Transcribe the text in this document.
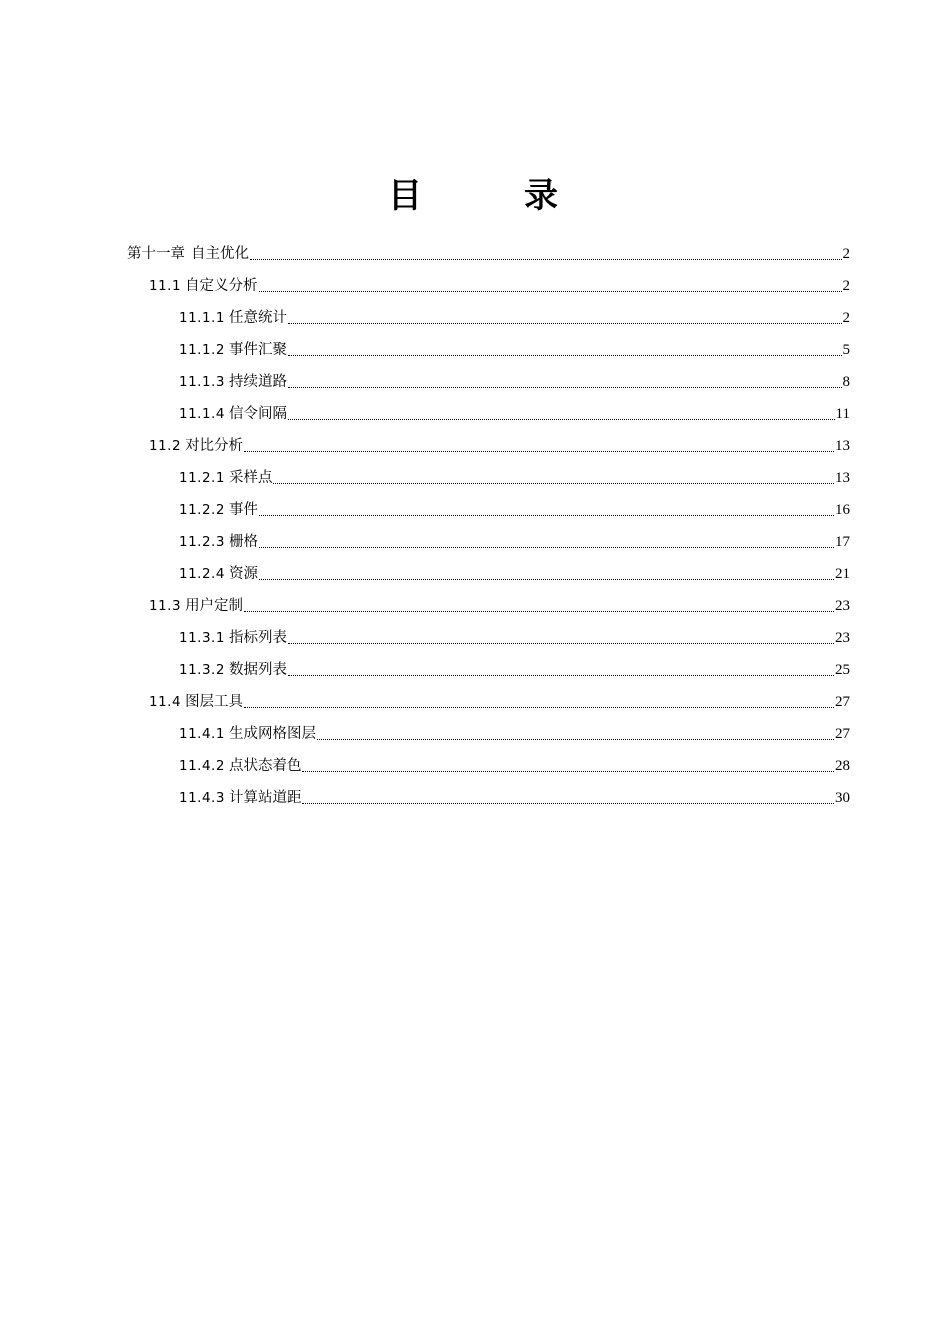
目　录
第十一章 自主优化	2
11.1 自定义分析	2
11.1.1 任意统计	2
11.1.2 事件汇聚	5
11.1.3 持续道路	8
11.1.4 信令间隔	11
11.2 对比分析	13
11.2.1 采样点	13
11.2.2 事件	16
11.2.3 栅格	17
11.2.4 资源	21
11.3 用户定制	23
11.3.1 指标列表	23
11.3.2 数据列表	25
11.4 图层工具	27
11.4.1 生成网格图层	27
11.4.2 点状态着色	28
11.4.3 计算站道距	30
